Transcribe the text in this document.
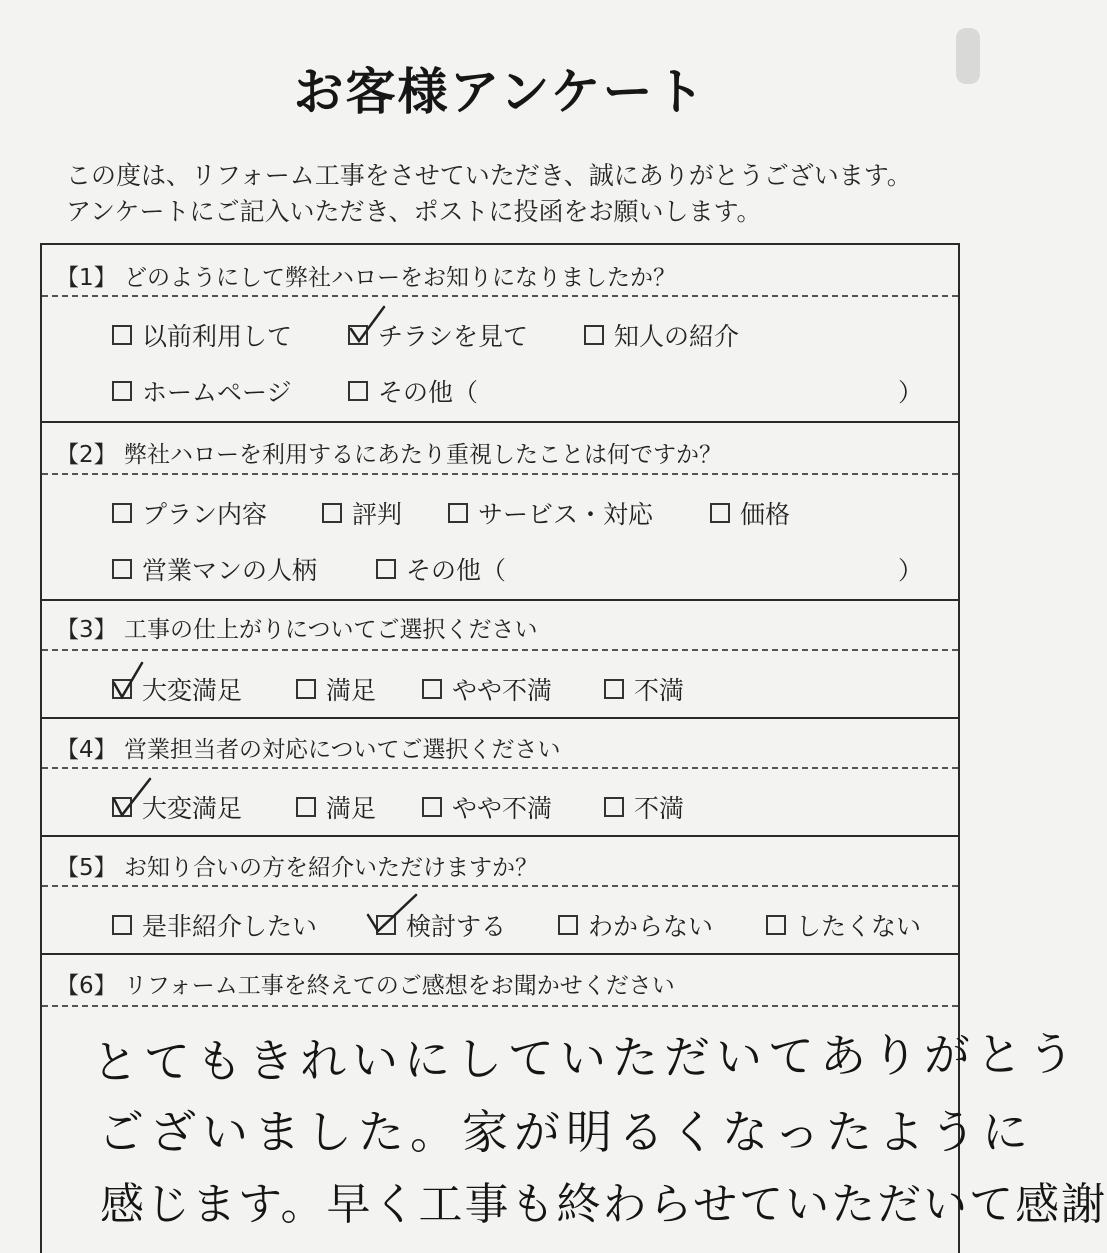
お客様アンケート
この度は、リフォーム工事をさせていただき、誠にありがとうございます。
アンケートにご記入いただき、ポストに投函をお願いします。
【1】 どのようにして弊社ハローをお知りになりましたか？
以前利用して	チラシを見て	知人の紹介
ホームページ	その他（	）
【2】 弊社ハローを利用するにあたり重視したことは何ですか？
プラン内容	評判	サービス・対応	価格
営業マンの人柄	その他（	）
【3】 工事の仕上がりについてご選択ください
大変満足	満足	やや不満	不満
【4】 営業担当者の対応についてご選択ください
大変満足	満足	やや不満	不満
【5】 お知り合いの方を紹介いただけますか？
是非紹介したい	検討する	わからない	したくない
【6】 リフォーム工事を終えてのご感想をお聞かせください
とてもきれいにしていただいてありがとう
ございました。家が明るくなったように
感じます。早く工事も終わらせていただいて感謝
